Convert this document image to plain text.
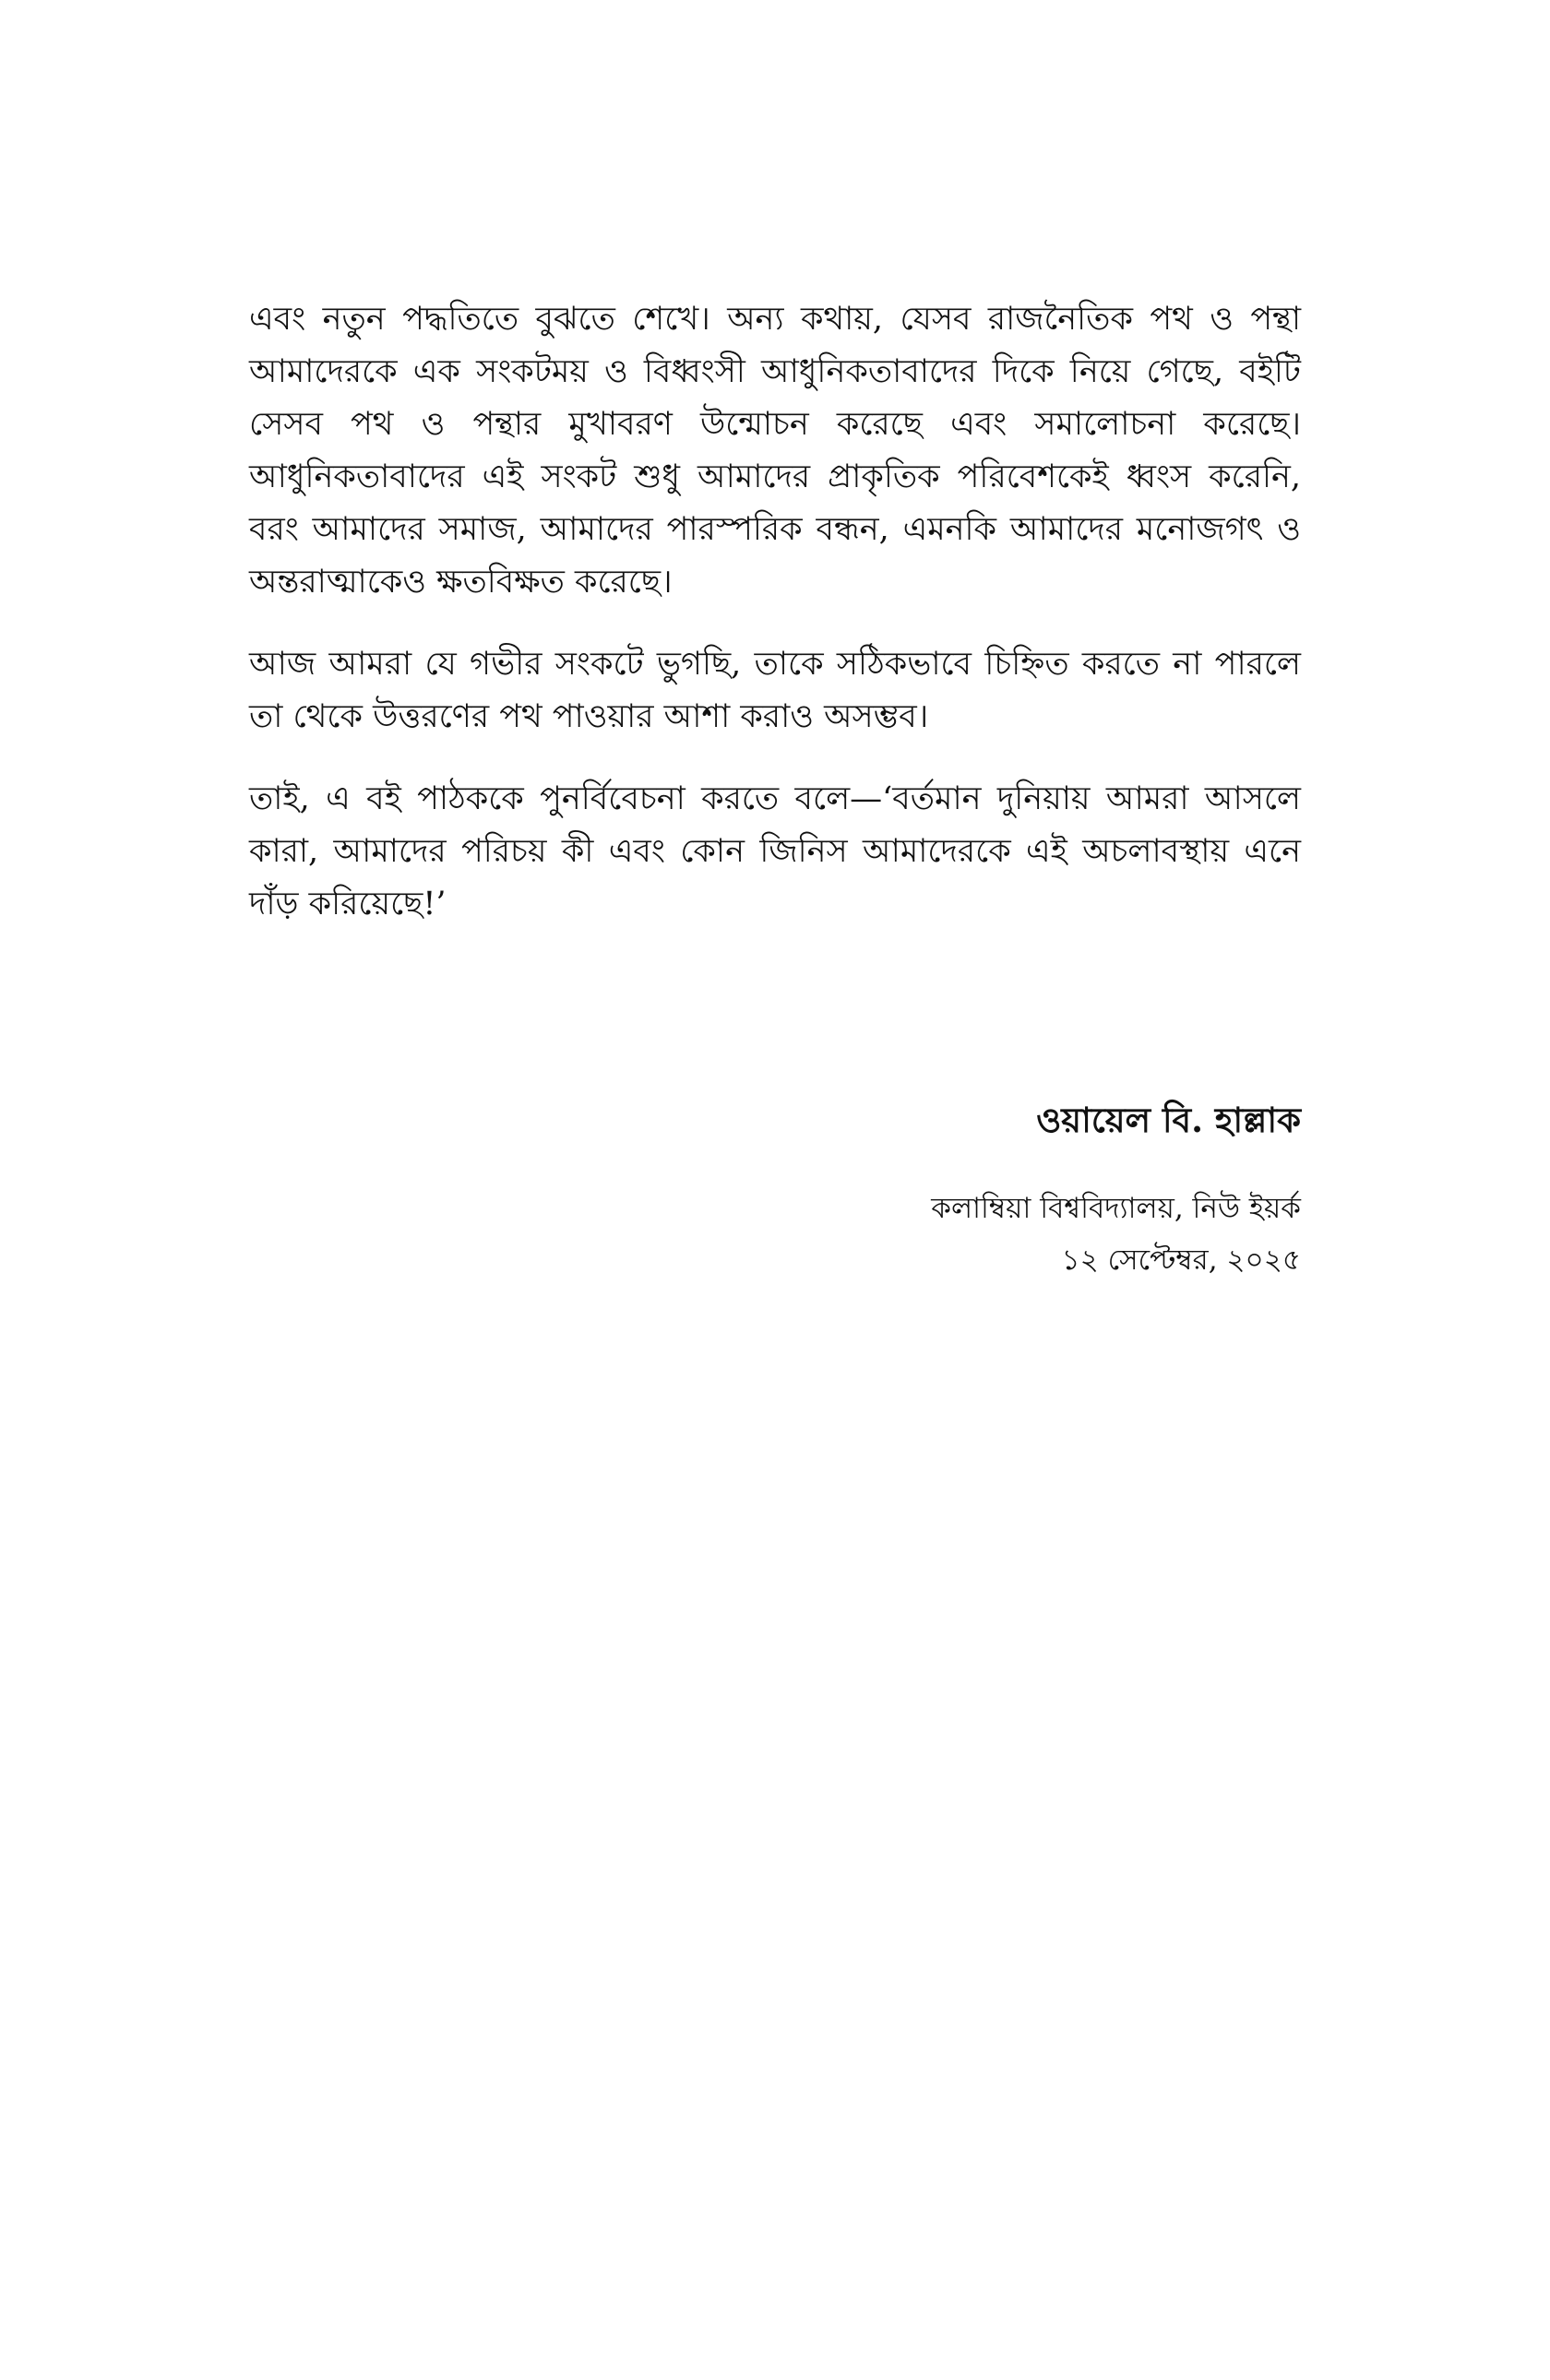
এবং নতুন পদ্ধতিতে বুঝতে শেখে। অন্য কথায়, যেসব রাজনৈতিক পথ ও পন্থা আমাদেরকে এক সংকটময় ও বিধ্বংসী আধুনিকতাবাদের দিকে নিয়ে গেছে, বইটি সেসব পথ ও পন্থার মুখাবরণ উন্মোচন করেছে এবং সমালোচনা করেছে। আধুনিকতাবাদের এই সংকট শুধু আমাদের প্রাকৃতিক পরিবেশকেই ধ্বংস করেনি, বরং আমাদের সমাজ, আমাদের পারস্পরিক বন্ধন, এমনকি আমাদের মনোজগৎ ও অন্তরাত্মাকেও ক্ষতবিক্ষত করেছে।

আজ আমরা যে গভীর সংকটে ভুগছি, তাকে সঠিকভাবে চিহ্নিত করতে না পারলে তা থেকে উত্তরণের পথ পাওয়ার আশা করাও অসম্ভব।

তাই, এ বই পাঠককে পুনর্বিবেচনা করতে বলে—‘বর্তমান দুনিয়ায় আমরা আসলে কারা, আমাদের পরিচয় কী এবং কোন জিনিস আমাদেরকে এই অচলাবস্থায় এনে দাঁড় করিয়েছে!’

ওয়ায়েল বি. হাল্লাক

কলাম্বিয়া বিশ্ববিদ্যালয়, নিউ ইয়র্ক

১২ সেপ্টেম্বর, ২০২৫
